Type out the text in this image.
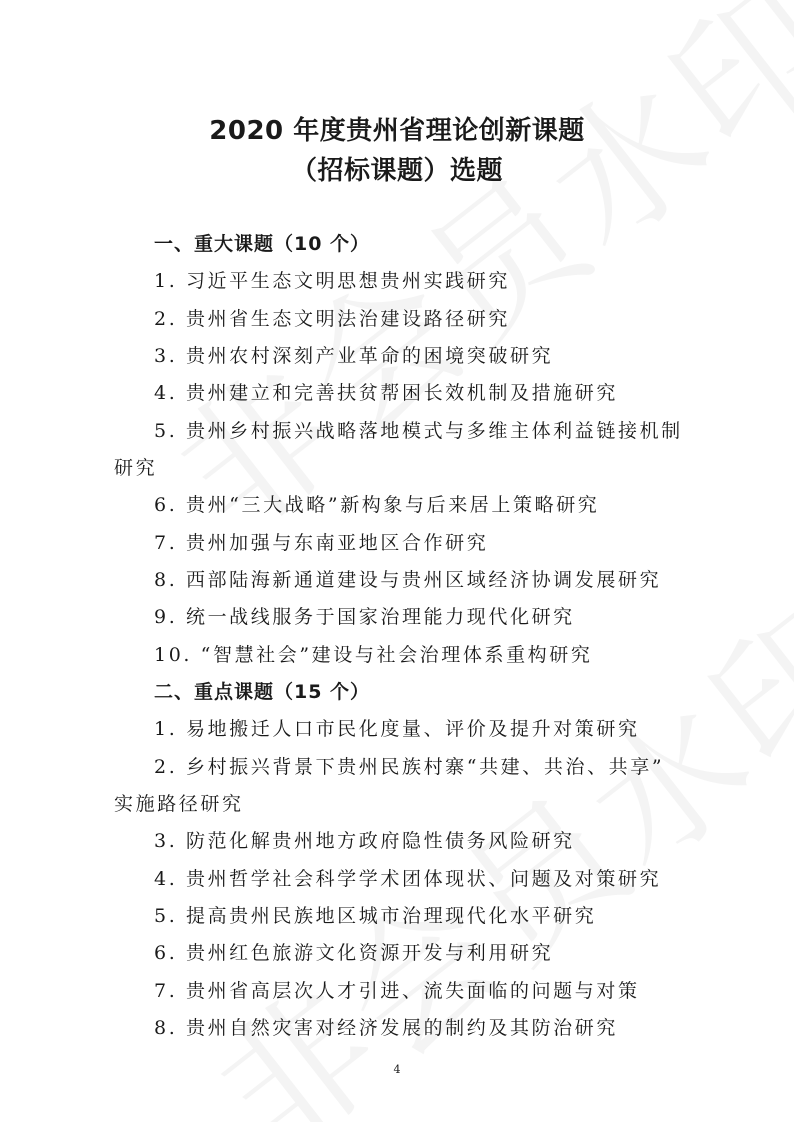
2020 年度贵州省理论创新课题
（招标课题）选题
一、重大课题（10 个）
1. 习近平生态文明思想贵州实践研究
2. 贵州省生态文明法治建设路径研究
3. 贵州农村深刻产业革命的困境突破研究
4. 贵州建立和完善扶贫帮困长效机制及措施研究
5. 贵州乡村振兴战略落地模式与多维主体利益链接机制
研究
6. 贵州“三大战略”新构象与后来居上策略研究
7. 贵州加强与东南亚地区合作研究
8. 西部陆海新通道建设与贵州区域经济协调发展研究
9. 统一战线服务于国家治理能力现代化研究
10. “智慧社会”建设与社会治理体系重构研究
二、重点课题（15 个）
1. 易地搬迁人口市民化度量、评价及提升对策研究
2. 乡村振兴背景下贵州民族村寨“共建、共治、共享”
实施路径研究
3. 防范化解贵州地方政府隐性债务风险研究
4. 贵州哲学社会科学学术团体现状、问题及对策研究
5. 提高贵州民族地区城市治理现代化水平研究
6. 贵州红色旅游文化资源开发与利用研究
7. 贵州省高层次人才引进、流失面临的问题与对策
8. 贵州自然灾害对经济发展的制约及其防治研究
4
